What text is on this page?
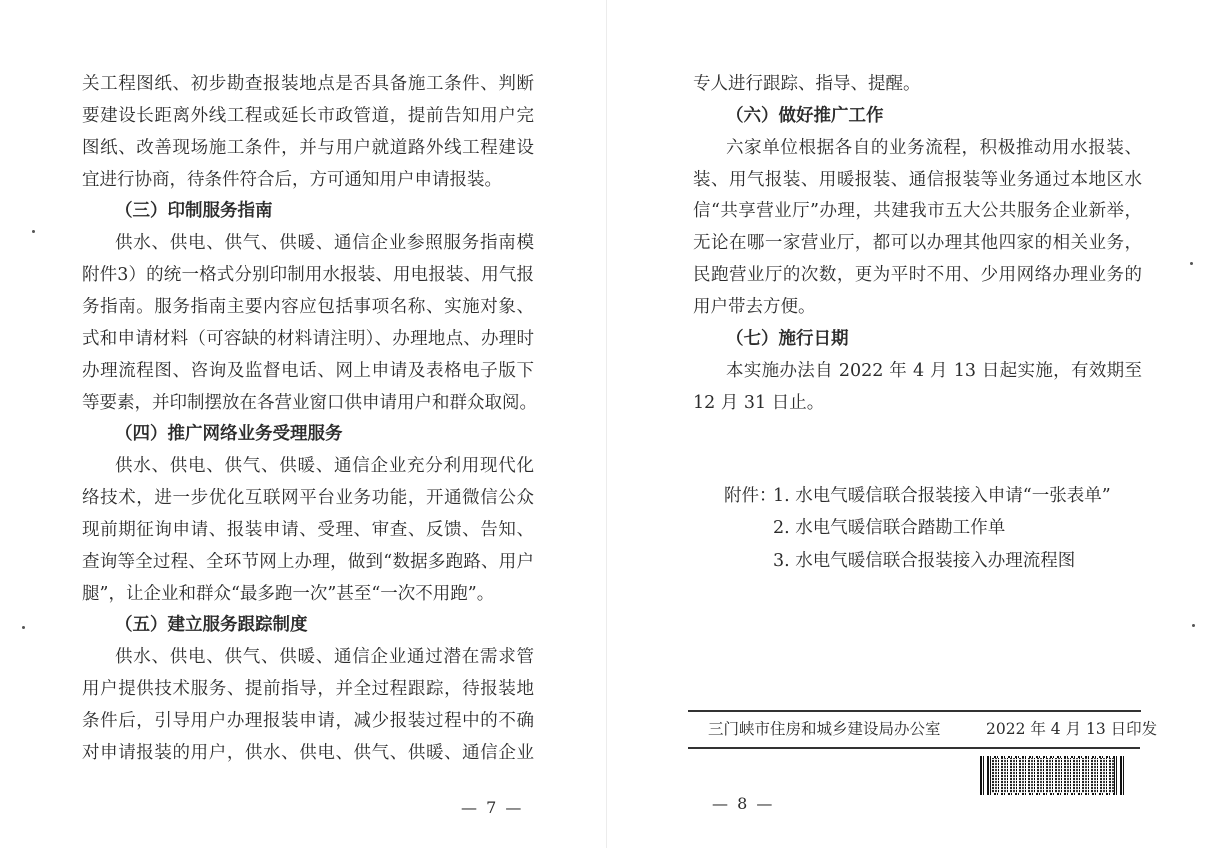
关工程图纸、初步勘查报装地点是否具备施工条件、判断
要建设长距离外线工程或延长市政管道，提前告知用户完
图纸、改善现场施工条件，并与用户就道路外线工程建设
宜进行协商，待条件符合后，方可通知用户申请报装。
（三）印制服务指南
供水、供电、供气、供暖、通信企业参照服务指南模
附件3）的统一格式分别印制用水报装、用电报装、用气报
务指南。服务指南主要内容应包括事项名称、实施对象、
式和申请材料（可容缺的材料请注明）、办理地点、办理时
办理流程图、咨询及监督电话、网上申请及表格电子版下
等要素，并印制摆放在各营业窗口供申请用户和群众取阅。
（四）推广网络业务受理服务
供水、供电、供气、供暖、通信企业充分利用现代化
络技术，进一步优化互联网平台业务功能，开通微信公众
现前期征询申请、报装申请、受理、审查、反馈、告知、
查询等全过程、全环节网上办理，做到“数据多跑路、用户
腿”，让企业和群众“最多跑一次”甚至“一次不用跑”。
（五）建立服务跟踪制度
供水、供电、供气、供暖、通信企业通过潜在需求管
用户提供技术服务、提前指导，并全过程跟踪，待报装地
条件后，引导用户办理报装申请，减少报装过程中的不确
对申请报装的用户，供水、供电、供气、供暖、通信企业
专人进行跟踪、指导、提醒。
（六）做好推广工作
六家单位根据各自的业务流程，积极推动用水报装、
装、用气报装、用暖报装、通信报装等业务通过本地区水
信“共享营业厅”办理，共建我市五大公共服务企业新举，
无论在哪一家营业厅，都可以办理其他四家的相关业务，
民跑营业厅的次数，更为平时不用、少用网络办理业务的
用户带去方便。
（七）施行日期
本实施办法自 2022 年 4 月 13 日起实施，有效期至
12 月 31 日止。
— 7 —
附件：
1. 水电气暖信联合报装接入申请“一张表单”
2. 水电气暖信联合踏勘工作单
3. 水电气暖信联合报装接入办理流程图
三门峡市住房和城乡建设局办公室	2022 年 4 月 13 日印发
— 8 —
